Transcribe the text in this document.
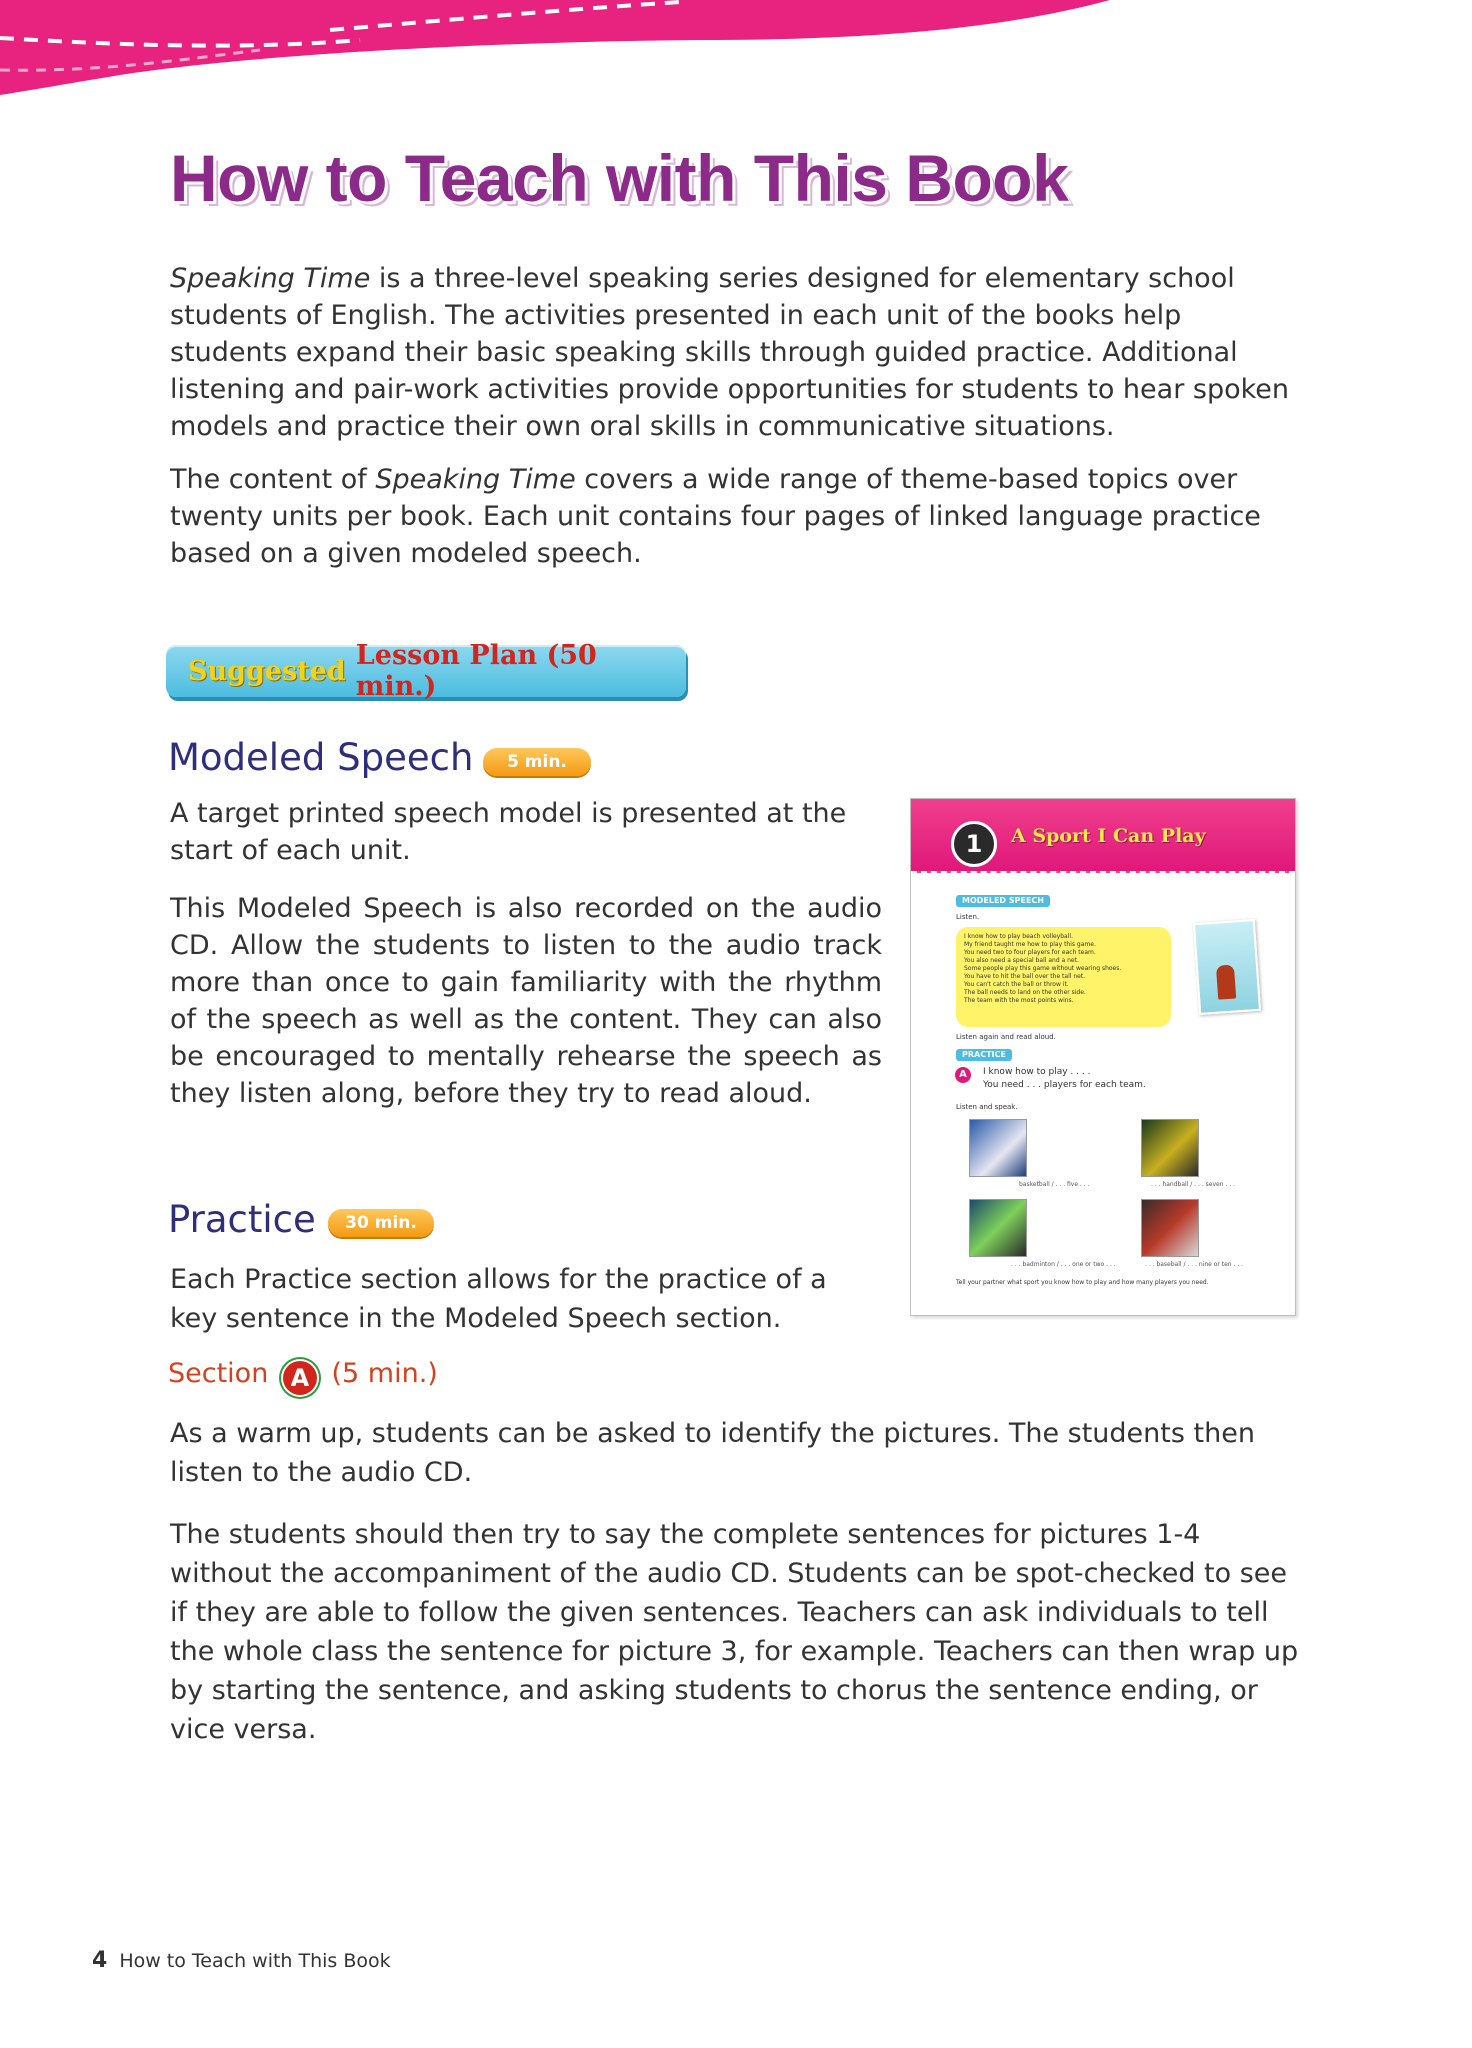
How to Teach with This Book

Speaking Time is a three-level speaking series designed for elementary school students of English. The activities presented in each unit of the books help students expand their basic speaking skills through guided practice. Additional listening and pair-work activities provide opportunities for students to hear spoken models and practice their own oral skills in communicative situations.

The content of Speaking Time covers a wide range of theme-based topics over twenty units per book. Each unit contains four pages of linked language practice based on a given modeled speech.

Suggested Lesson Plan (50 min.)
Modeled Speech	5 min.

A target printed speech model is presented at the start of each unit.

This Modeled Speech is also recorded on the audio CD. Allow the students to listen to the audio track more than once to gain familiarity with the rhythm of the speech as well as the content. They can also be encouraged to mentally rehearse the speech as they listen along, before they try to read aloud.

1	A Sport I Can Play
MODELED SPEECH
Listen.
I know how to play beach volleyball.
My friend taught me how to play this game.
You need two to four players for each team.
You also need a special ball and a net.
Some people play this game without wearing shoes.
You have to hit the ball over the tall net.
You can't catch the ball or throw it.
The ball needs to land on the other side.
The team with the most points wins.
Listen again and read aloud.
PRACTICE
A	I know how to play . . . .
You need . . . players for each team.
Listen and speak.
basketball / . . . five . . .	. . . handball / . . . seven . . .
. . . badminton / . . . one or two . . .	. . . baseball / . . . nine or ten . . .
Tell your partner what sport you know how to play and how many players you need.
Practice	30 min.

Each Practice section allows for the practice of a key sentence in the Modeled Speech section.

Section A (5 min.)

As a warm up, students can be asked to identify the pictures. The students then listen to the audio CD.

The students should then try to say the complete sentences for pictures 1-4 without the accompaniment of the audio CD. Students can be spot-checked to see if they are able to follow the given sentences. Teachers can ask individuals to tell the whole class the sentence for picture 3, for example. Teachers can then wrap up by starting the sentence, and asking students to chorus the sentence ending, or vice versa.

4 How to Teach with This Book
